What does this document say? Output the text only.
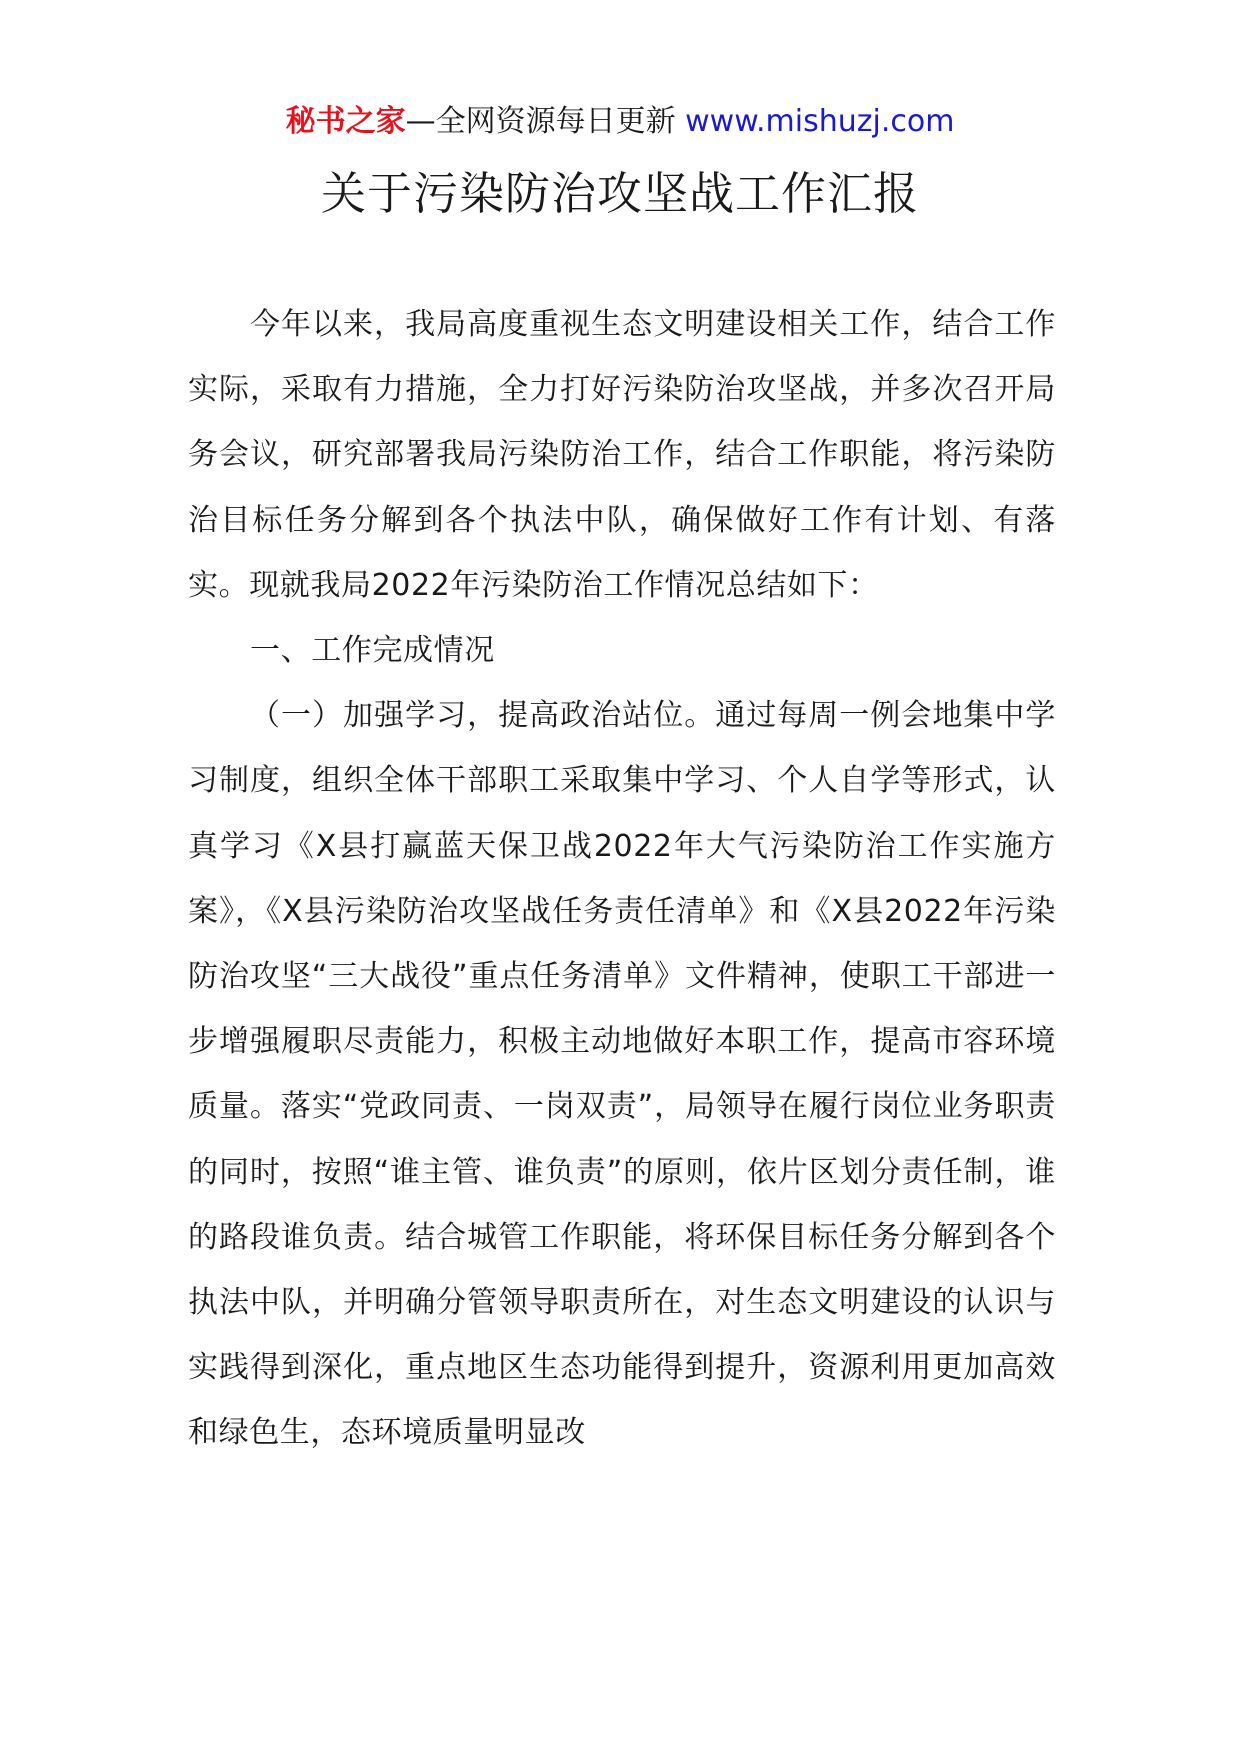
秘书之家—全网资源每日更新 www.mishuzj.com
关于污染防治攻坚战工作汇报

今年以来，我局高度重视生态文明建设相关工作，结合工作实际，采取有力措施，全力打好污染防治攻坚战，并多次召开局务会议，研究部署我局污染防治工作，结合工作职能，将污染防治目标任务分解到各个执法中队，确保做好工作有计划、有落实。现就我局2022年污染防治工作情况总结如下：

一、工作完成情况

（一）加强学习，提高政治站位。通过每周一例会地集中学习制度，组织全体干部职工采取集中学习、个人自学等形式，认真学习《X县打赢蓝天保卫战2022年大气污染防治工作实施方案》，《X县污染防治攻坚战任务责任清单》和《X县2022年污染防治攻坚“三大战役”重点任务清单》文件精神，使职工干部进一步增强履职尽责能力，积极主动地做好本职工作，提高市容环境质量。落实“党政同责、一岗双责”，局领导在履行岗位业务职责的同时，按照“谁主管、谁负责”的原则，依片区划分责任制，谁的路段谁负责。结合城管工作职能，将环保目标任务分解到各个执法中队，并明确分管领导职责所在，对生态文明建设的认识与实践得到深化，重点地区生态功能得到提升，资源利用更加高效和绿色生，态环境质量明显改
